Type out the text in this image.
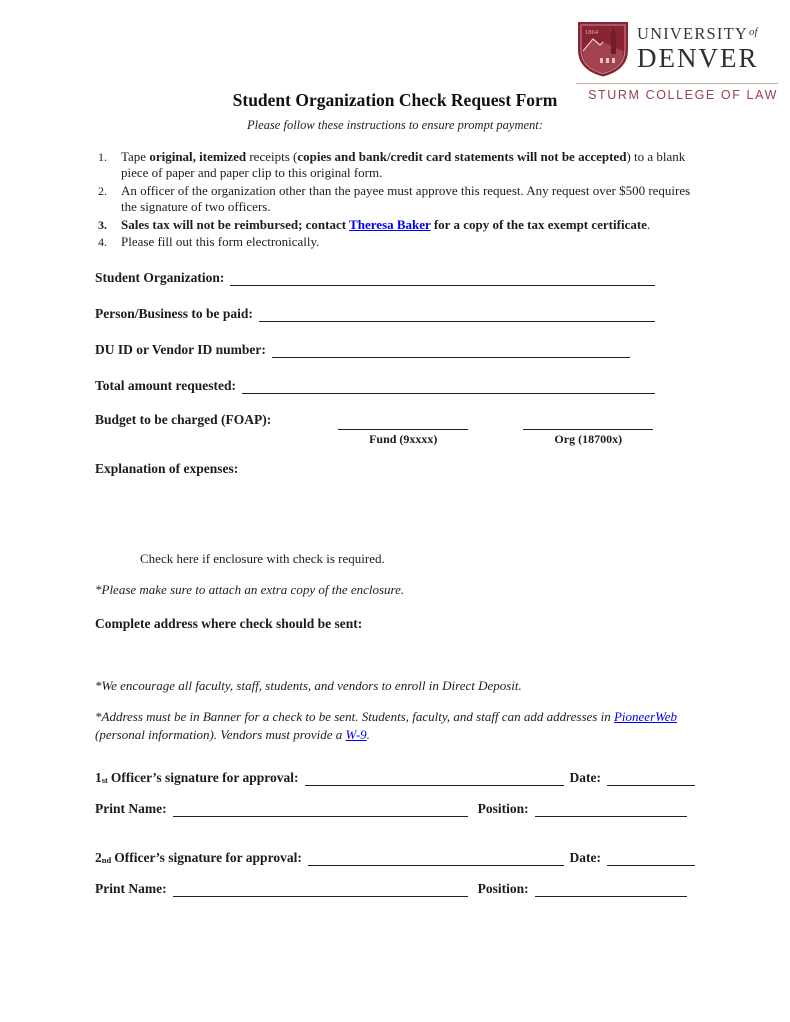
1864 $UNIVERSITY^{of}$
DENVER
STURM COLLEGE OF LAW
Student Organization Check Request Form
Please follow these instructions to ensure prompt payment:
1.	Tape original, itemized receipts (copies and bank/credit card statements will not be accepted) to a blank piece of paper and paper clip to this original form.
2.	An officer of the organization other than the payee must approve this request. Any request over $500 requires the signature of two officers.
3.	Sales tax will not be reimbursed; contact Theresa Baker for a copy of the tax exempt certificate.
4.	Please fill out this form electronically.
Student Organization:
Person/Business to be paid:
DU ID or Vendor ID number:
Total amount requested:
Budget to be charged (FOAP):
Fund (9xxxx)	Org (18700x)
Explanation of expenses:
Check here if enclosure with check is required.
*Please make sure to attach an extra copy of the enclosure.
Complete address where check should be sent:
*We encourage all faculty, staff, students, and vendors to enroll in Direct Deposit.
*Address must be in Banner for a check to be sent. Students, faculty, and staff can add addresses in PioneerWeb (personal information). Vendors must provide a W-9.
1st Officer’s signature for approval:	Date:
Print Name:	Position:
2nd Officer’s signature for approval:	Date:
Print Name:	Position:
